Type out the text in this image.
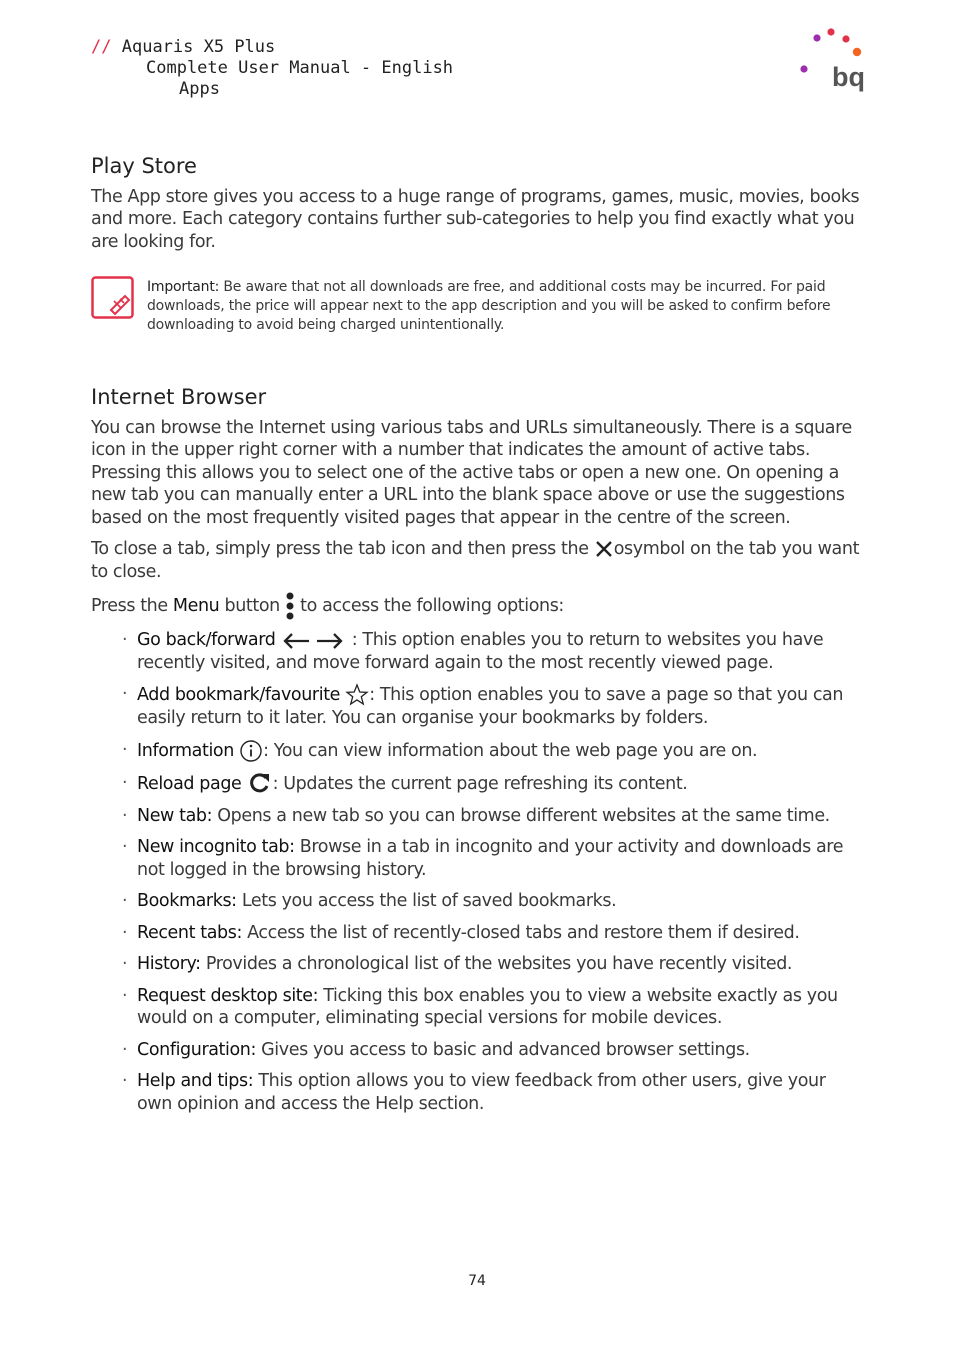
// Aquaris X5 Plus
Complete User Manual - English
Apps	bq
Play Store

The App store gives you access to a huge range of programs, games, music, movies, books and more. Each category contains further sub-categories to help you find exactly what you are looking for.

Important: Be aware that not all downloads are free, and additional costs may be incurred. For paid downloads, the price will appear next to the app description and you will be asked to confirm before downloading to avoid being charged unintentionally.
Internet Browser

You can browse the Internet using various tabs and URLs simultaneously. There is a square icon in the upper right corner with a number that indicates the amount of active tabs. Pressing this allows you to select one of the active tabs or open a new one. On opening a new tab you can manually enter a URL into the blank space above or use the suggestions based on the most frequently visited pages that appear in the centre of the screen.

To close a tab, simply press the tab icon and then press the osymbol on the tab you want to close.

Press the Menu button  to access the following options:

· Go back/forward	: This option enables you to return to websites you have recently visited, and move forward again to the most recently viewed page.
· Add bookmark/favourite : This option enables you to save a page so that you can easily return to it later. You can organise your bookmarks by folders.
· Information : You can view information about the web page you are on.
· Reload page : Updates the current page refreshing its content.
· New tab: Opens a new tab so you can browse different websites at the same time.
· New incognito tab: Browse in a tab in incognito and your activity and downloads are not logged in the browsing history.
· Bookmarks: Lets you access the list of saved bookmarks.
· Recent tabs: Access the list of recently-closed tabs and restore them if desired.
· History: Provides a chronological list of the websites you have recently visited.
· Request desktop site: Ticking this box enables you to view a website exactly as you would on a computer, eliminating special versions for mobile devices.
· Configuration: Gives you access to basic and advanced browser settings.
· Help and tips: This option allows you to view feedback from other users, give your own opinion and access the Help section.
74
